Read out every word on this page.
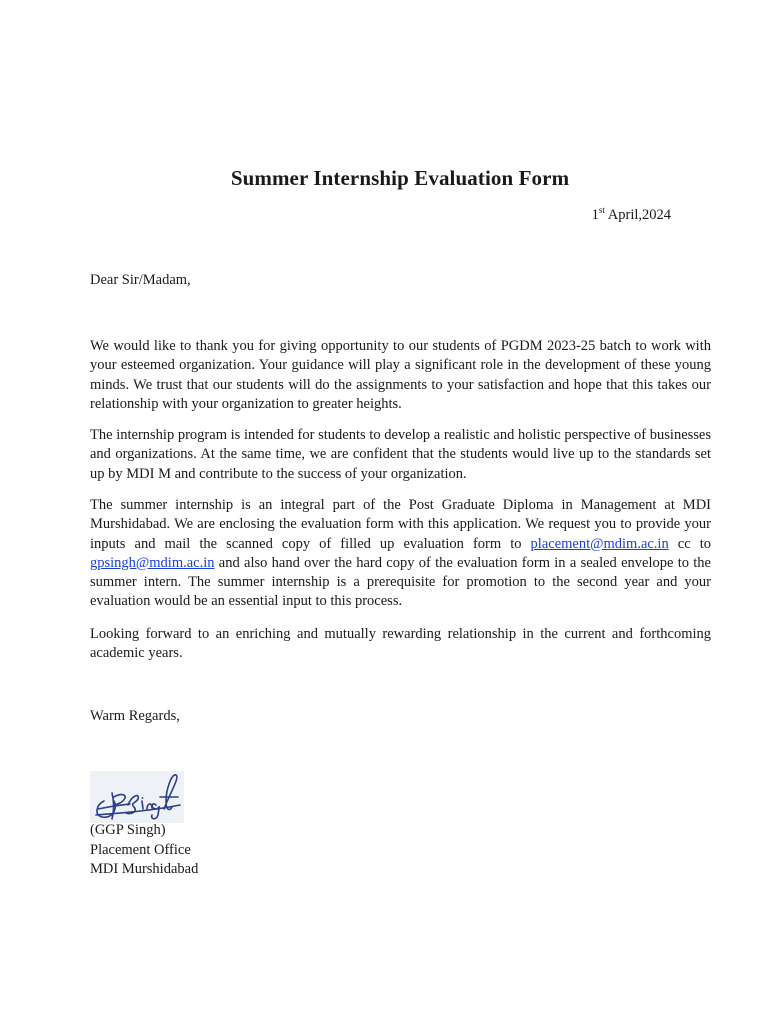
Summer Internship Evaluation Form
1st April,2024
Dear Sir/Madam,

We would like to thank you for giving opportunity to our students of PGDM 2023-25 batch to work with your esteemed organization. Your guidance will play a significant role in the development of these young minds. We trust that our students will do the assignments to your satisfaction and hope that this takes our relationship with your organization to greater heights.

The internship program is intended for students to develop a realistic and holistic perspective of businesses and organizations. At the same time, we are confident that the students would live up to the standards set up by MDI M and contribute to the success of your organization.

The summer internship is an integral part of the Post Graduate Diploma in Management at MDI Murshidabad. We are enclosing the evaluation form with this application. We request you to provide your inputs and mail the scanned copy of filled up evaluation form to placement@mdim.ac.in cc to gpsingh@mdim.ac.in and also hand over the hard copy of the evaluation form in a sealed envelope to the summer intern. The summer internship is a prerequisite for promotion to the second year and your evaluation would be an essential input to this process.

Looking forward to an enriching and mutually rewarding relationship in the current and forthcoming academic years.

Warm Regards,
(GGP Singh)
Placement Office
MDI Murshidabad
